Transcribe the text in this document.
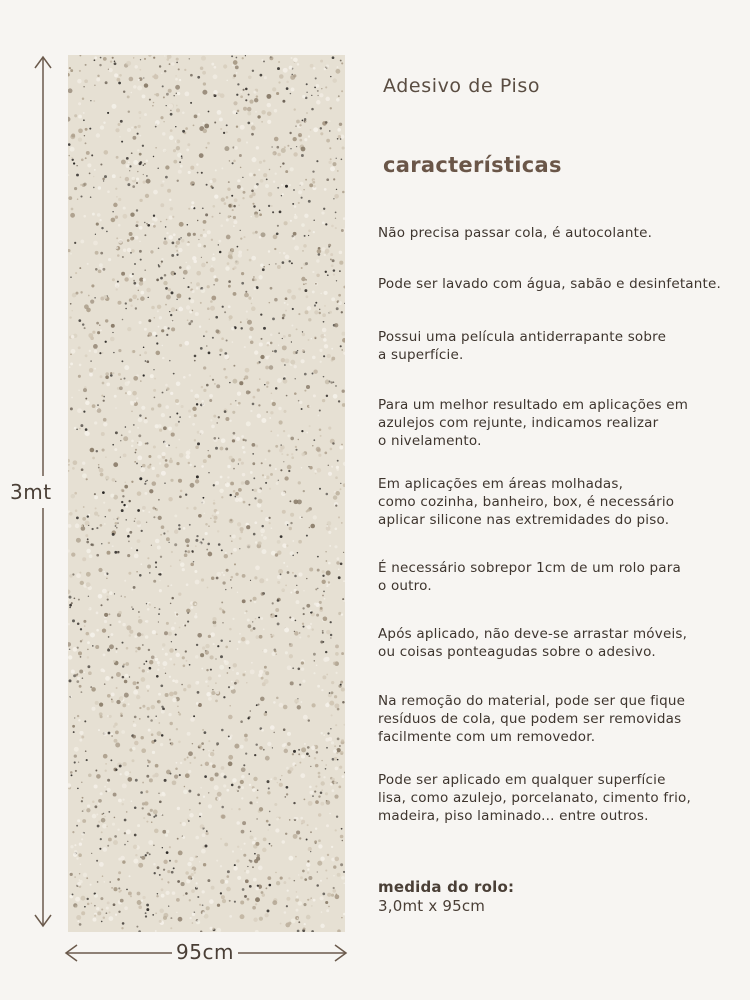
3mt
95cm
Adesivo de Piso
características
Não precisa passar cola, é autocolante.
Pode ser lavado com água, sabão e desinfetante.
Possui uma película antiderrapante sobre
a superfície.
Para um melhor resultado em aplicações em
azulejos com rejunte, indicamos realizar
o nivelamento.
Em aplicações em áreas molhadas,
como cozinha, banheiro, box, é necessário
aplicar silicone nas extremidades do piso.
É necessário sobrepor 1cm de um rolo para
o outro.
Após aplicado, não deve-se arrastar móveis,
ou coisas ponteagudas sobre o adesivo.
Na remoção do material, pode ser que fique
resíduos de cola, que podem ser removidas
facilmente com um removedor.
Pode ser aplicado em qualquer superfície
lisa, como azulejo, porcelanato, cimento frio,
madeira, piso laminado... entre outros.
medida do rolo:
3,0mt x 95cm
